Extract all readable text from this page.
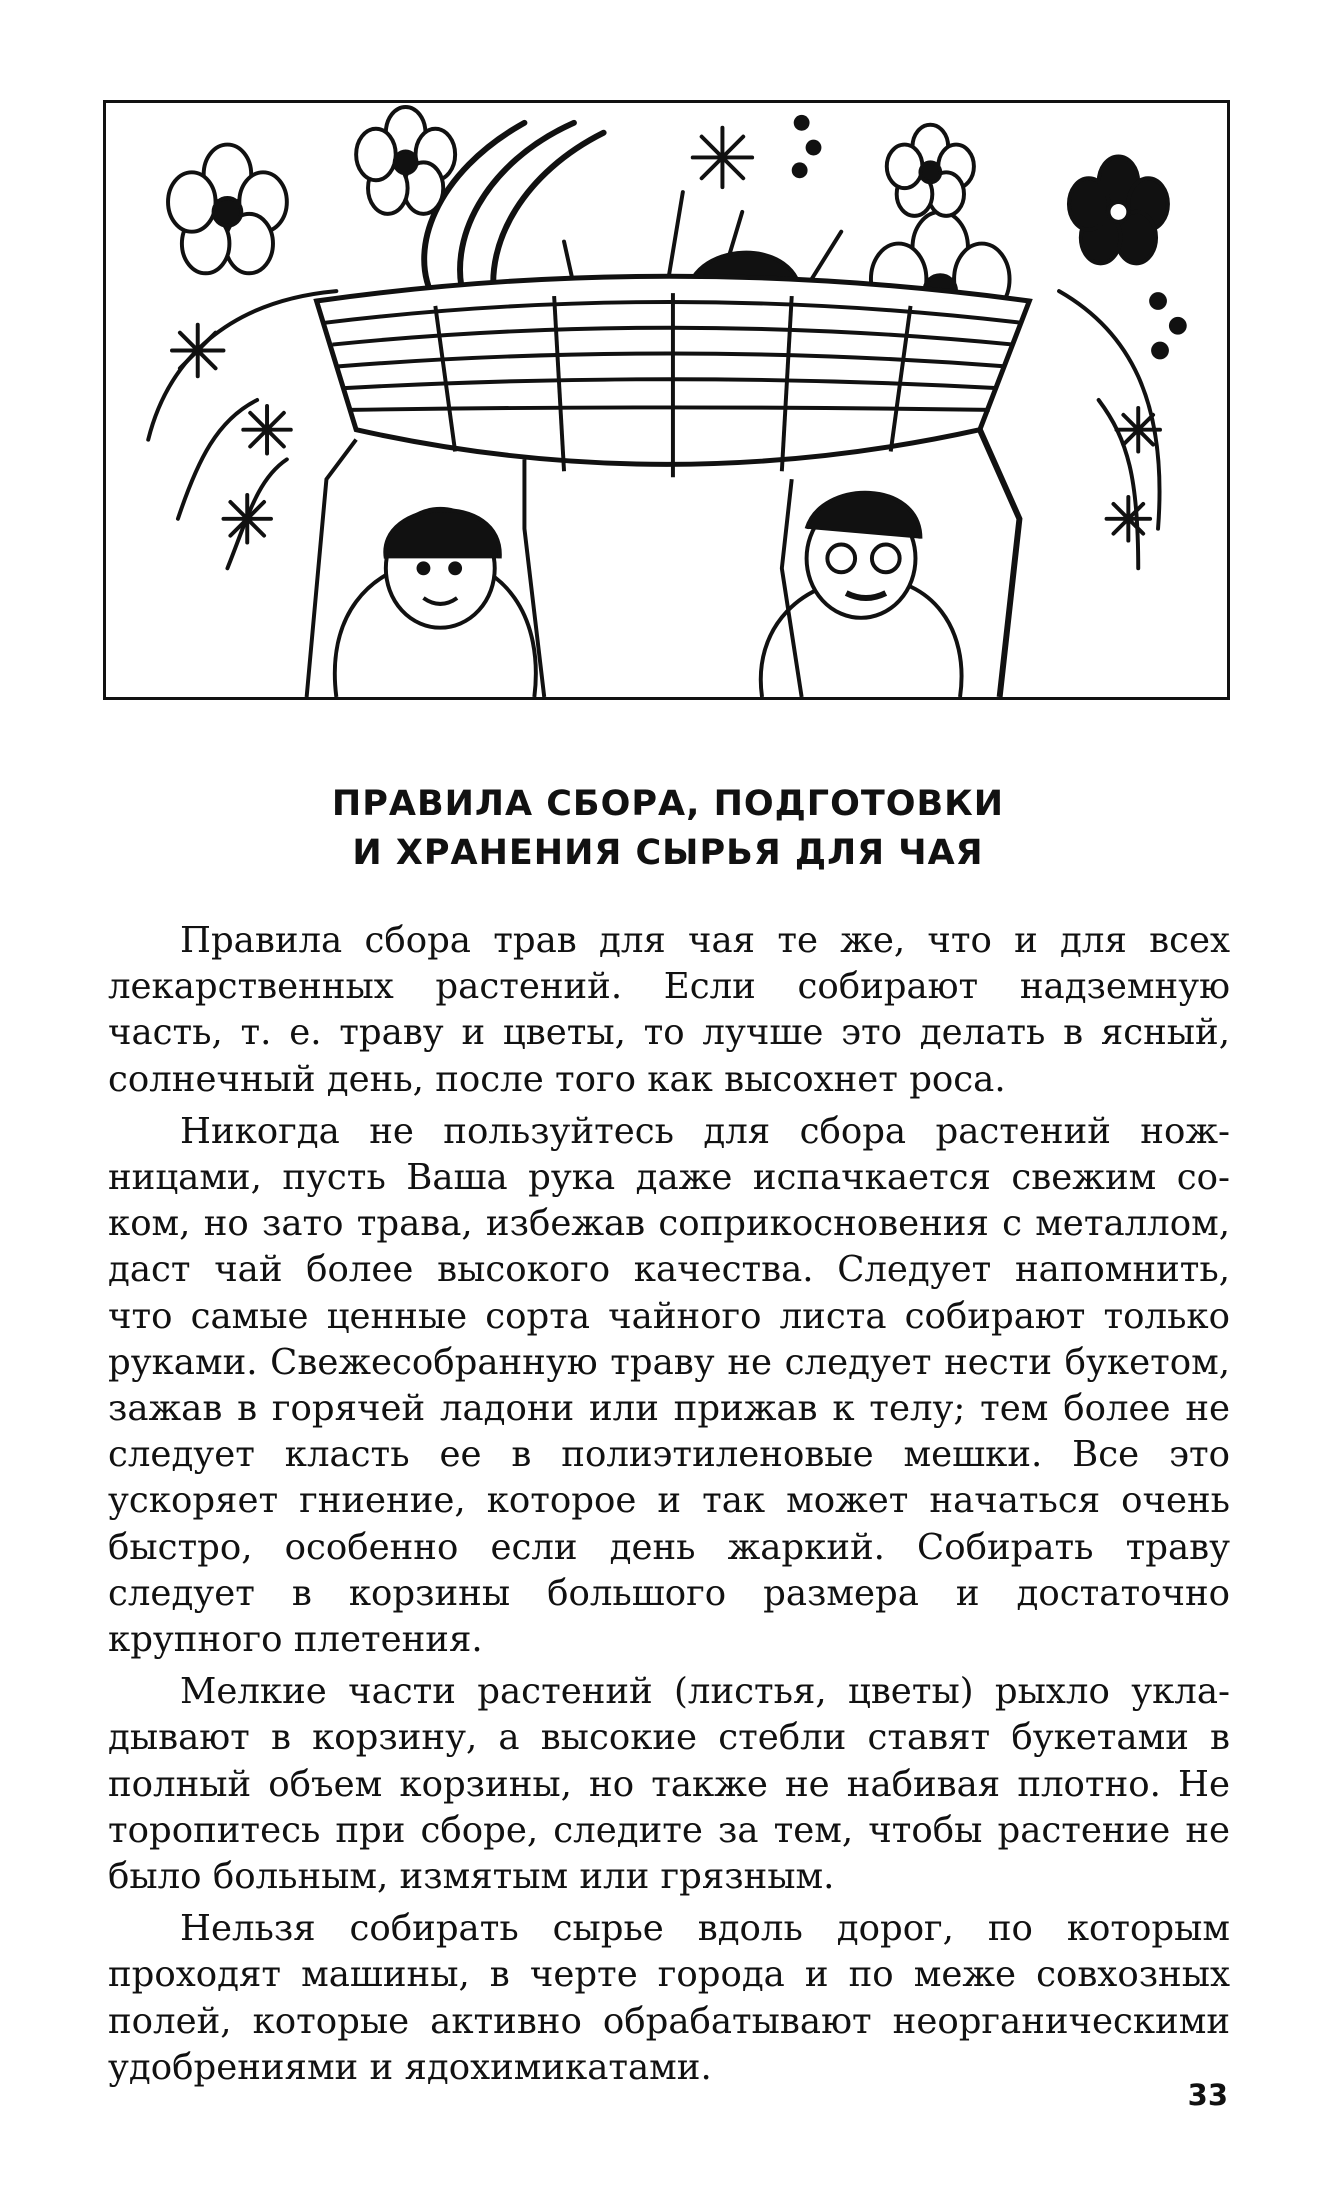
ПРАВИЛА СБОРА, ПОДГОТОВКИ
И ХРАНЕНИЯ СЫРЬЯ ДЛЯ ЧАЯ

Правила сбора трав для чая те же, что и для всех лекарственных растений. Если собирают надземную часть, т. е. траву и цветы, то лучше это делать в ясный, солнечный день, после того как высохнет роса.

Никогда не пользуйтесь для сбора растений ножницами, пусть Ваша рука даже испачкается свежим соком, но зато трава, избежав соприкосновения с металлом, даст чай более высокого качества. Следует напомнить, что самые ценные сорта чайного листа собирают только руками. Свежесобранную траву не следует нести букетом, зажав в горячей ладони или прижав к телу; тем более не следует класть ее в полиэтиленовые мешки. Все это ускоряет гниение, которое и так может начаться очень быстро, особенно если день жаркий. Собирать траву следует в корзины большого размера и достаточно крупного плетения.

Мелкие части растений (листья, цветы) рыхло укладывают в корзину, а высокие стебли ставят букетами в полный объем корзины, но также не набивая плотно. Не торопитесь при сборе, следите за тем, чтобы растение не было больным, измятым или грязным.

Нельзя собирать сырье вдоль дорог, по которым проходят машины, в черте города и по меже совхозных полей, которые активно обрабатывают неорганическими удобрениями и ядохимикатами.

33
